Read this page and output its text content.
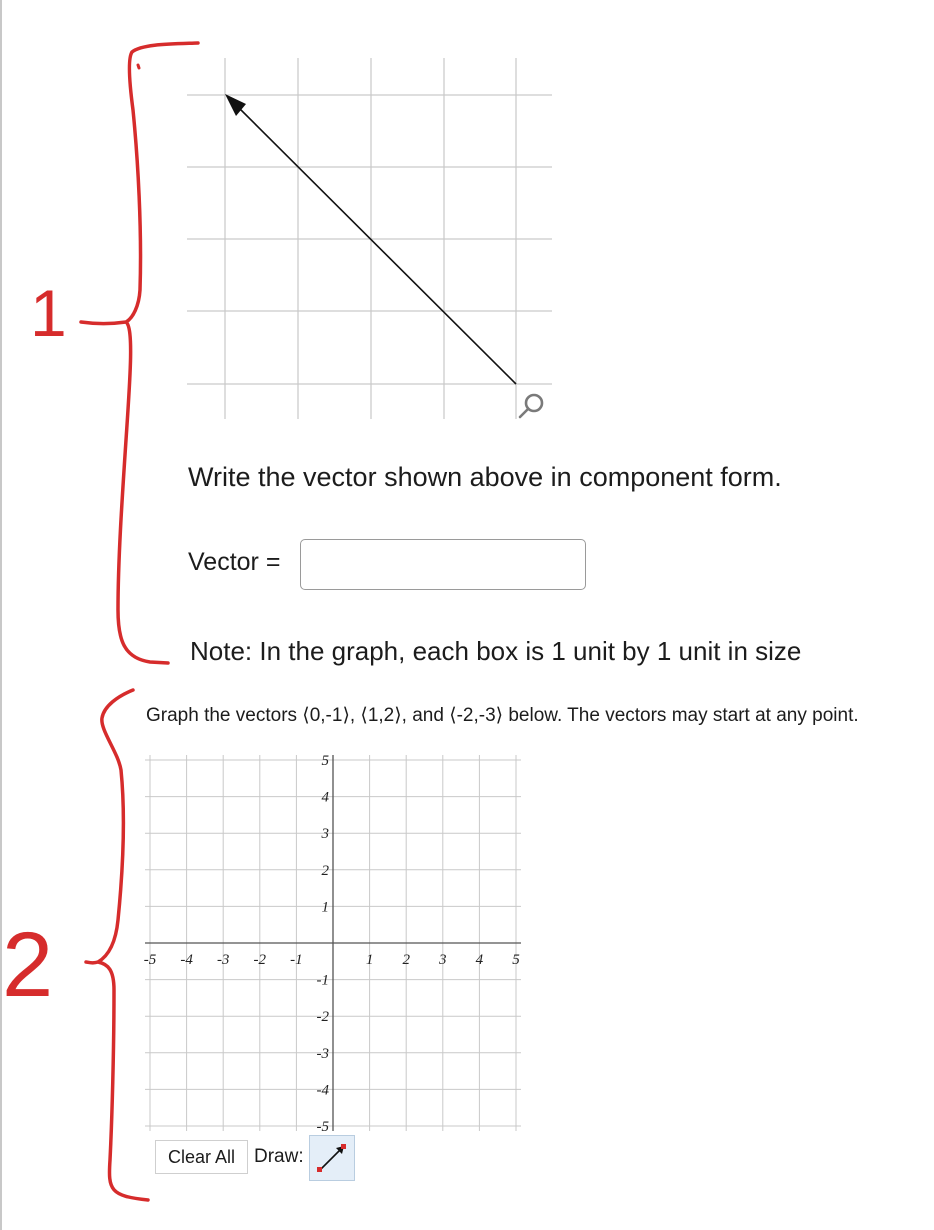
Write the vector shown above in component form.
Vector =
Note: In the graph, each box is 1 unit by 1 unit in size
Graph the vectors ⟨0,-1⟩, ⟨1,2⟩, and ⟨-2,-3⟩ below. The vectors may start at any point.
-5 -4 -3 -2 -1	1 2 3 4 5
5
4
3
2
1
-1
-2
-3
-4
-5
Clear All Draw:
1
2
